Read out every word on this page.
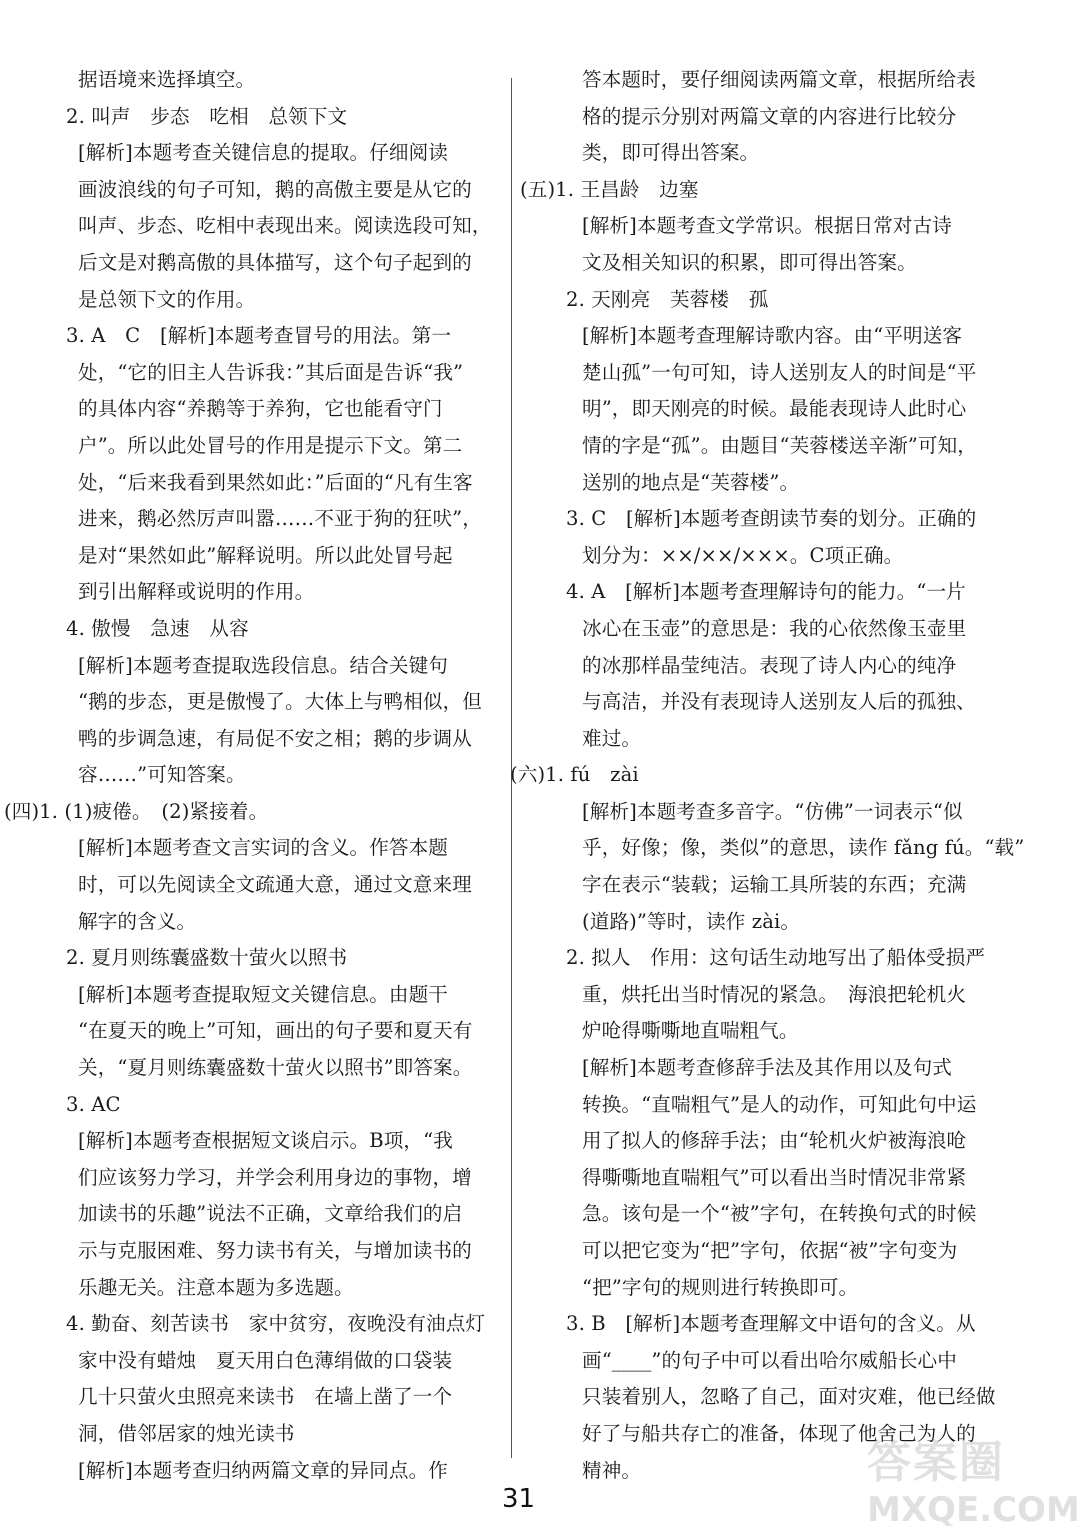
据语境来选择填空。
2. 叫声　步态　吃相　总领下文
[解析]本题考查关键信息的提取。仔细阅读
画波浪线的句子可知，鹅的高傲主要是从它的
叫声、步态、吃相中表现出来。阅读选段可知，
后文是对鹅高傲的具体描写，这个句子起到的
是总领下文的作用。
3. A　C　[解析]本题考查冒号的用法。第一
处，“它的旧主人告诉我：”其后面是告诉“我”
的具体内容“养鹅等于养狗，它也能看守门
户”。所以此处冒号的作用是提示下文。第二
处，“后来我看到果然如此：”后面的“凡有生客
进来，鹅必然厉声叫嚣……不亚于狗的狂吠”，
是对“果然如此”解释说明。所以此处冒号起
到引出解释或说明的作用。
4. 傲慢　急速　从容
[解析]本题考查提取选段信息。结合关键句
“鹅的步态，更是傲慢了。大体上与鸭相似，但
鸭的步调急速，有局促不安之相；鹅的步调从
容……”可知答案。
(四)1. (1)疲倦。　(2)紧接着。
[解析]本题考查文言实词的含义。作答本题
时，可以先阅读全文疏通大意，通过文意来理
解字的含义。
2. 夏月则练囊盛数十萤火以照书
[解析]本题考查提取短文关键信息。由题干
“在夏天的晚上”可知，画出的句子要和夏天有
关，“夏月则练囊盛数十萤火以照书”即答案。
3. AC
[解析]本题考查根据短文谈启示。B项，“我
们应该努力学习，并学会利用身边的事物，增
加读书的乐趣”说法不正确，文章给我们的启
示与克服困难、努力读书有关，与增加读书的
乐趣无关。注意本题为多选题。
4. 勤奋、刻苦读书　家中贫穷，夜晚没有油点灯
家中没有蜡烛　夏天用白色薄绢做的口袋装
几十只萤火虫照亮来读书　在墙上凿了一个
洞，借邻居家的烛光读书
[解析]本题考查归纳两篇文章的异同点。作
答本题时，要仔细阅读两篇文章，根据所给表
格的提示分别对两篇文章的内容进行比较分
类，即可得出答案。
(五)1. 王昌龄　边塞
[解析]本题考查文学常识。根据日常对古诗
文及相关知识的积累，即可得出答案。
2. 天刚亮　芙蓉楼　孤
[解析]本题考查理解诗歌内容。由“平明送客
楚山孤”一句可知，诗人送别友人的时间是“平
明”，即天刚亮的时候。最能表现诗人此时心
情的字是“孤”。由题目“芙蓉楼送辛渐”可知，
送别的地点是“芙蓉楼”。
3. C　[解析]本题考查朗读节奏的划分。正确的
划分为：××/××/×××。C项正确。
4. A　[解析]本题考查理解诗句的能力。“一片
冰心在玉壶”的意思是：我的心依然像玉壶里
的冰那样晶莹纯洁。表现了诗人内心的纯净
与高洁，并没有表现诗人送别友人后的孤独、
难过。
(六)1. fú　zài
[解析]本题考查多音字。“仿佛”一词表示“似
乎，好像；像，类似”的意思，读作 fǎng fú。“载”
字在表示“装载；运输工具所装的东西；充满
(道路)”等时，读作 zài。
2. 拟人　作用：这句话生动地写出了船体受损严
重，烘托出当时情况的紧急。　海浪把轮机火
炉呛得嘶嘶地直喘粗气。
[解析]本题考查修辞手法及其作用以及句式
转换。“直喘粗气”是人的动作，可知此句中运
用了拟人的修辞手法；由“轮机火炉被海浪呛
得嘶嘶地直喘粗气”可以看出当时情况非常紧
急。该句是一个“被”字句，在转换句式的时候
可以把它变为“把”字句，依据“被”字句变为
“把”字句的规则进行转换即可。
3. B　[解析]本题考查理解文中语句的含义。从
画“____”的句子中可以看出哈尔威船长心中
只装着别人，忽略了自己，面对灾难，他已经做
好了与船共存亡的准备，体现了他舍己为人的
精神。
31
答案圈
MXQE.COM
